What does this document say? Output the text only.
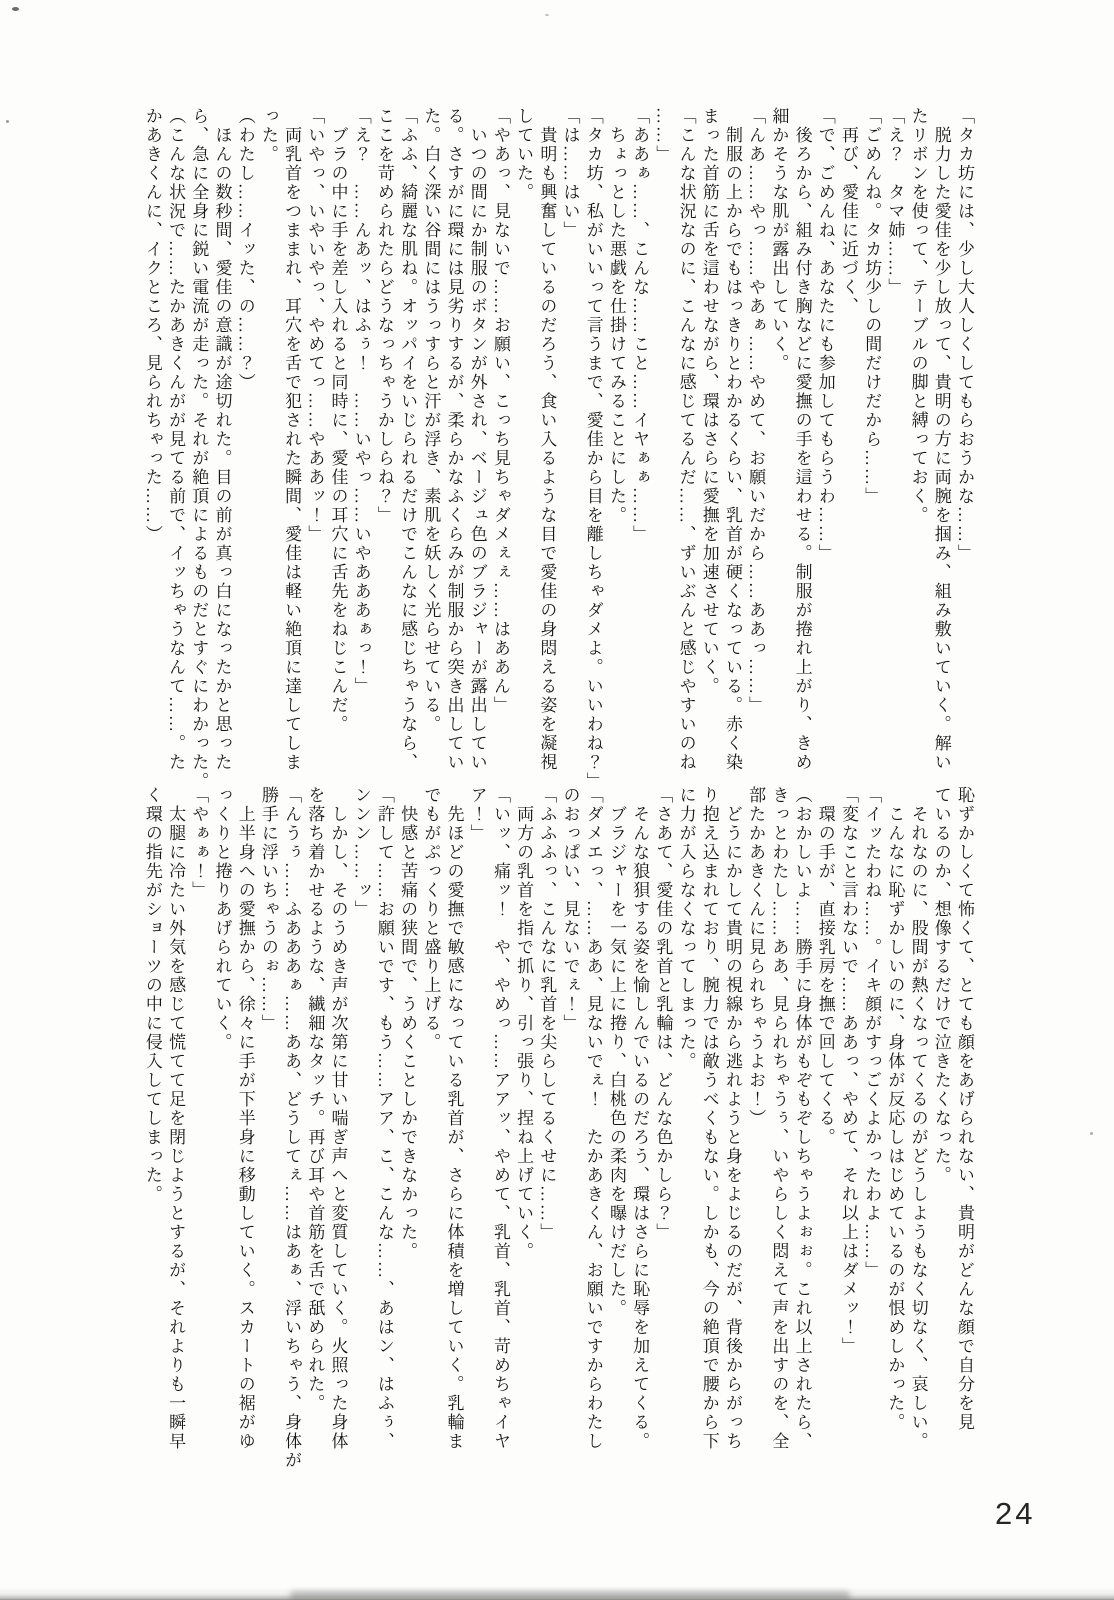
「タカ坊には、少し大人しくしてもらおうかな……」
脱力した愛佳を少し放って、貴明の方に両腕を掴み、組み敷いていく。解い
たリボンを使って、テーブルの脚と縛っておく。
「え？　タマ姉……」
「ごめんね。タカ坊少しの間だけだから……」
再び、愛佳に近づく、
「で、ごめんね、あなたにも参加してもらうわ……」
後ろから、組み付き胸などに愛撫の手を這わせる。制服が捲れ上がり、きめ
細かそうな肌が露出していく。
「んあ……やっ……やあぁ……やめて、お願いだから……ああっ……」
制服の上からでもはっきりとわかるくらい、乳首が硬くなっている。赤く染
まった首筋に舌を這わせながら、環はさらに愛撫を加速させていく。
「こんな状況なのに、こんなに感じてるんだ……、ずいぶんと感じやすいのね
……」
「ああぁ……、こんな……こと……イヤぁぁ……」
ちょっとした悪戯を仕掛けてみることにした。
「タカ坊、私がいいって言うまで、愛佳から目を離しちゃダメよ。いいわね？」
「は……はい」
貴明も興奮しているのだろう、食い入るような目で愛佳の身悶える姿を凝視
していた。
「やあっ、見ないで……お願い、こっち見ちゃダメぇぇ……はああん」
いつの間にか制服のボタンが外され、ベージュ色のブラジャーが露出してい
る。さすがに環には見劣りするが、柔らかなふくらみが制服から突き出してい
た。白く深い谷間にはうっすらと汗が浮き、素肌を妖しく光らせている。
「ふふ、綺麗な肌ね。オッパイをいじられるだけでこんなに感じちゃうなら、
ここを苛められたらどうなっちゃうかしらね？」
「え？　……んあッ、はふぅ！　……いやっ……いやあああぁっ！」
ブラの中に手を差し入れると同時に、愛佳の耳穴に舌先をねじこんだ。
「いやっ、いやいやっ、やめてっ……やああッ！」
両乳首をつままれ、耳穴を舌で犯された瞬間、愛佳は軽い絶頂に達してしま
った。
（わたし……イッた、の……？）
ほんの数秒間、愛佳の意識が途切れた。目の前が真っ白になったかと思った
ら、急に全身に鋭い電流が走った。それが絶頂によるものだとすぐにわかった。
（こんな状況で……たかあきくんがが見てる前で、イッちゃうなんて……。た
かあきくんに、イクところ、見られちゃった……）
恥ずかしくて怖くて、とても顔をあげられない、貴明がどんな顔で自分を見
ているのか、想像するだけで泣きたくなった。
それなのに、股間が熱くなってくるのがどうしようもなく切なく、哀しい。
こんなに恥ずかしいのに、身体が反応しはじめているのが恨めしかった。
「イッたわね……。イキ顔がすっごくよかったわよ……」
「変なこと言わないで……ああっ、やめて、それ以上はダメッ！」
環の手が、直接乳房を撫で回してくる。
（おかしいよ……勝手に身体がもぞもぞしちゃうよぉぉ。これ以上されたら、
きっとわたし……ああ、見られちゃうぅ、いやらしく悶えて声を出すのを、全
部たかあきくんに見られちゃうよお！）
どうにかして貴明の視線から逃れようと身をよじるのだが、背後からがっち
り抱え込まれており、腕力では敵うべくもない。しかも、今の絶頂で腰から下
に力が入らなくなってしまった。
「さあて、愛佳の乳首と乳輪は、どんな色かしら？」
そんな狼狽する姿を愉しんでいるのだろう、環はさらに恥辱を加えてくる。
ブラジャーを一気に上に捲り、白桃色の柔肉を曝けだした。
「ダメエっ、……ああ、見ないでぇ！　たかあきくん、お願いですからわたし
のおっぱい、見ないでぇ！」
「ふふふっ、こんなに乳首を尖らしてるくせに……」
両方の乳首を指で抓り、引っ張り、捏ね上げていく。
「いッ、痛ッ！　や、やめっ……アアッ、やめて、乳首、乳首、苛めちゃイヤ
ア！」
先ほどの愛撫で敏感になっている乳首が、さらに体積を増していく。乳輪ま
でもがぷっくりと盛り上げる。
快感と苦痛の狭間で、うめくことしかできなかった。
「許して……お願いです、もう……アア、こ、こんな……、あはン、はふぅ、
ンンン……ッ」
しかし、そのうめき声が次第に甘い喘ぎ声へと変質していく。火照った身体
を落ち着かせるような、繊細なタッチ。再び耳や首筋を舌で舐められた。
「んうぅ……ふあああぁ……ああ、どうしてぇ……はあぁ、浮いちゃう、身体が
勝手に浮いちゃうのぉ……」
上半身への愛撫から、徐々に手が下半身に移動していく。スカートの裾がゆ
っくりと捲りあげられていく。
「やぁぁ！」
太腿に冷たい外気を感じて慌てて足を閉じようとするが、それよりも一瞬早
く環の指先がショーツの中に侵入してしまった。
24
